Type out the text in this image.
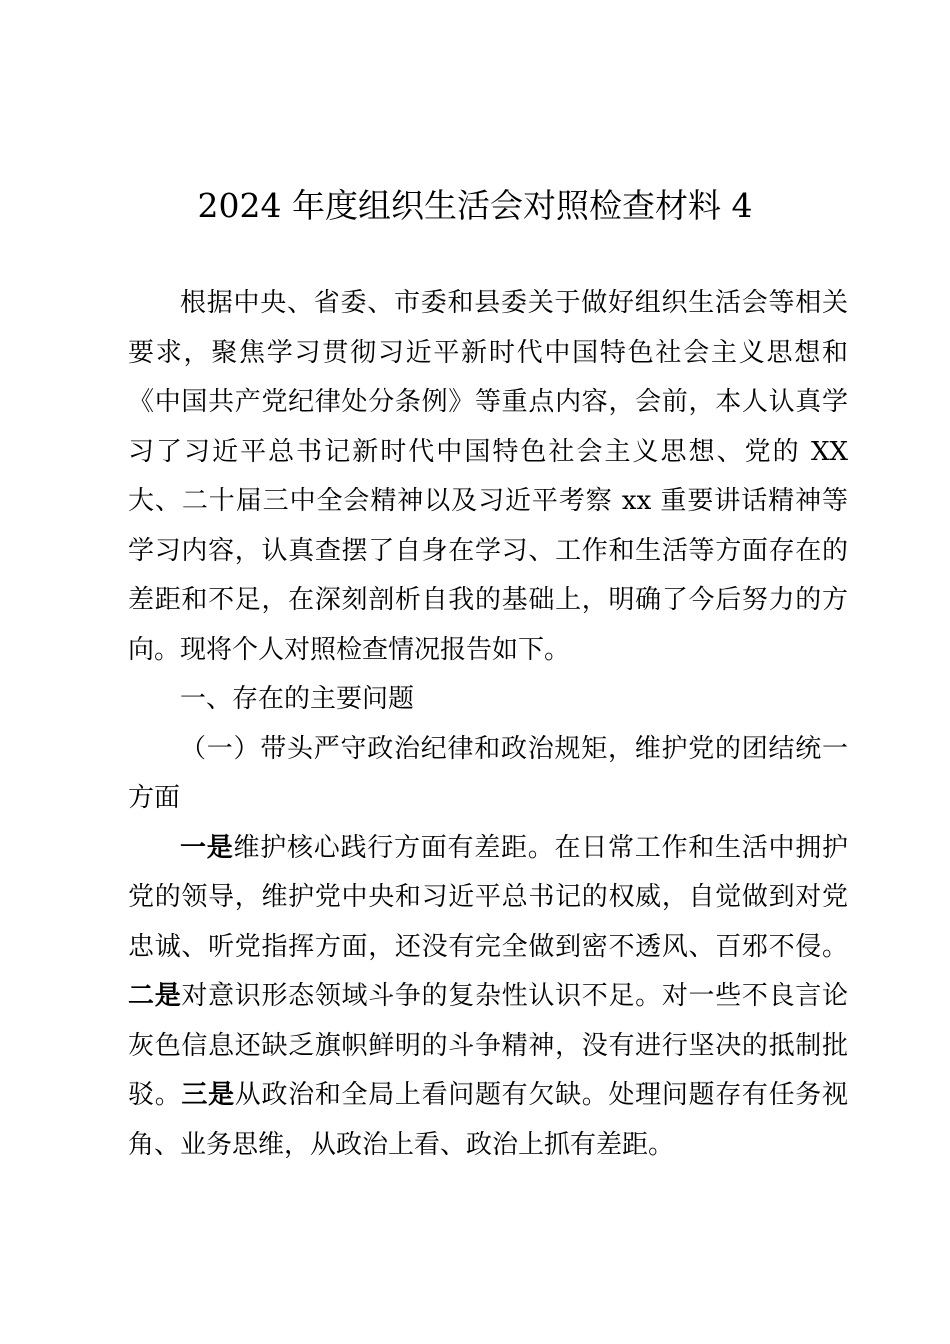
2024 年度组织生活会对照检查材料 4

根据中央、省委、市委和县委关于做好组织生活会等相关要求，聚焦学习贯彻习近平新时代中国特色社会主义思想和《中国共产党纪律处分条例》等重点内容，会前，本人认真学习了习近平总书记新时代中国特色社会主义思想、党的 XX 大、二十届三中全会精神以及习近平考察 xx 重要讲话精神等学习内容，认真查摆了自身在学习、工作和生活等方面存在的差距和不足，在深刻剖析自我的基础上，明确了今后努力的方向。现将个人对照检查情况报告如下。

一、存在的主要问题

（一）带头严守政治纪律和政治规矩，维护党的团结统一方面

一是维护核心践行方面有差距。在日常工作和生活中拥护党的领导，维护党中央和习近平总书记的权威，自觉做到对党忠诚、听党指挥方面，还没有完全做到密不透风、百邪不侵。二是对意识形态领域斗争的复杂性认识不足。对一些不良言论灰色信息还缺乏旗帜鲜明的斗争精神，没有进行坚决的抵制批驳。三是从政治和全局上看问题有欠缺。处理问题存有任务视角、业务思维，从政治上看、政治上抓有差距。
